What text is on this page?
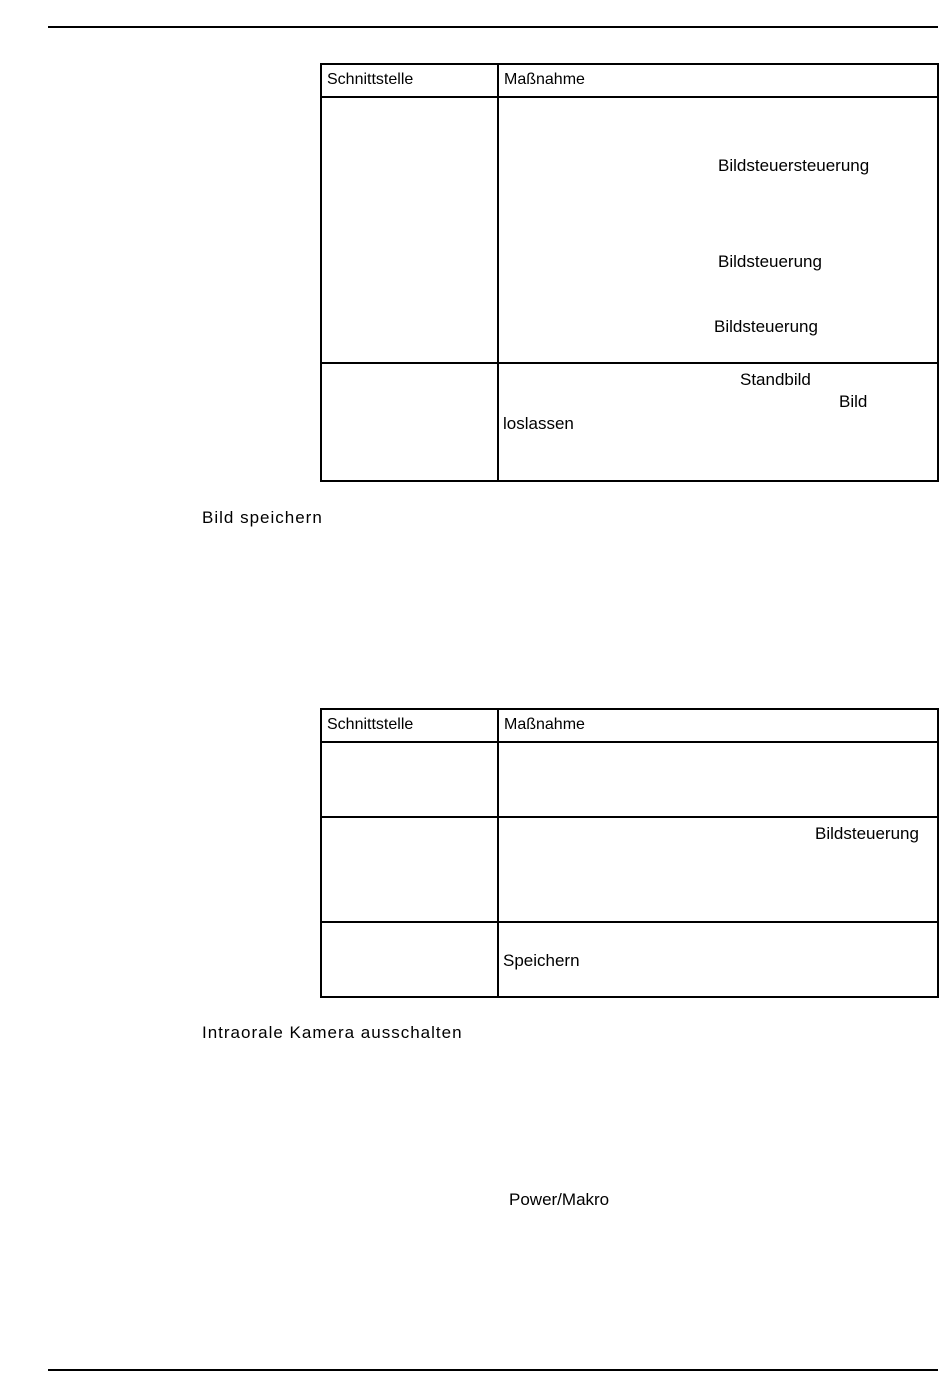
Schnittstelle	Maßnahme
Bildsteuersteuerung
Bildsteuerung
Bildsteuerung
Standbild
Bild
loslassen
Bild speichern
Schnittstelle	Maßnahme
Bildsteuerung
Speichern
Intraorale Kamera ausschalten
Power/Makro
